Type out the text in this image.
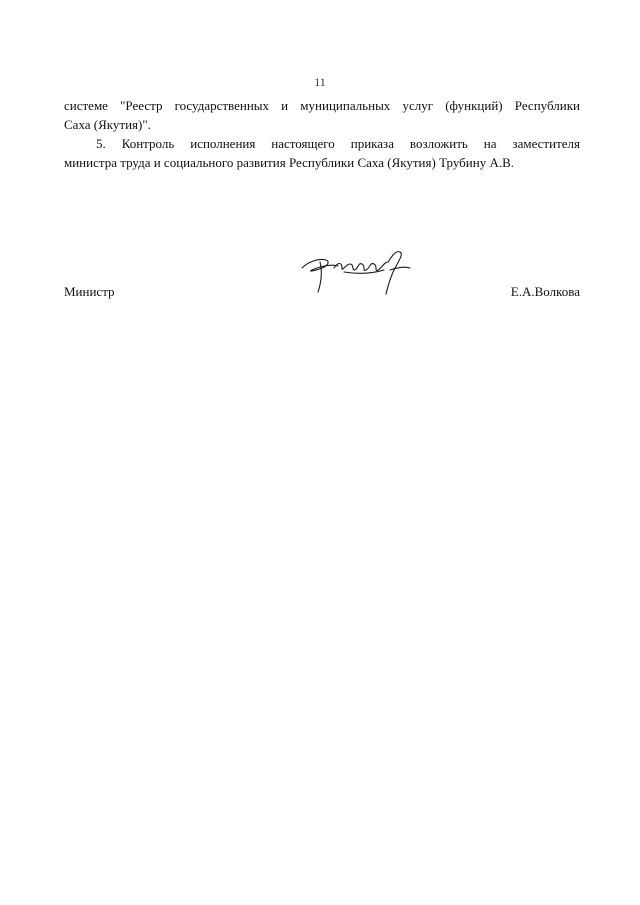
11

системе "Реестр государственных и муниципальных услуг (функций) Республики
Саха (Якутия)".

5. Контроль исполнения настоящего приказа возложить на заместителя
министра труда и социального развития Республики Саха (Якутия) Трубину А.В.

Министр	Е.А.Волкова
